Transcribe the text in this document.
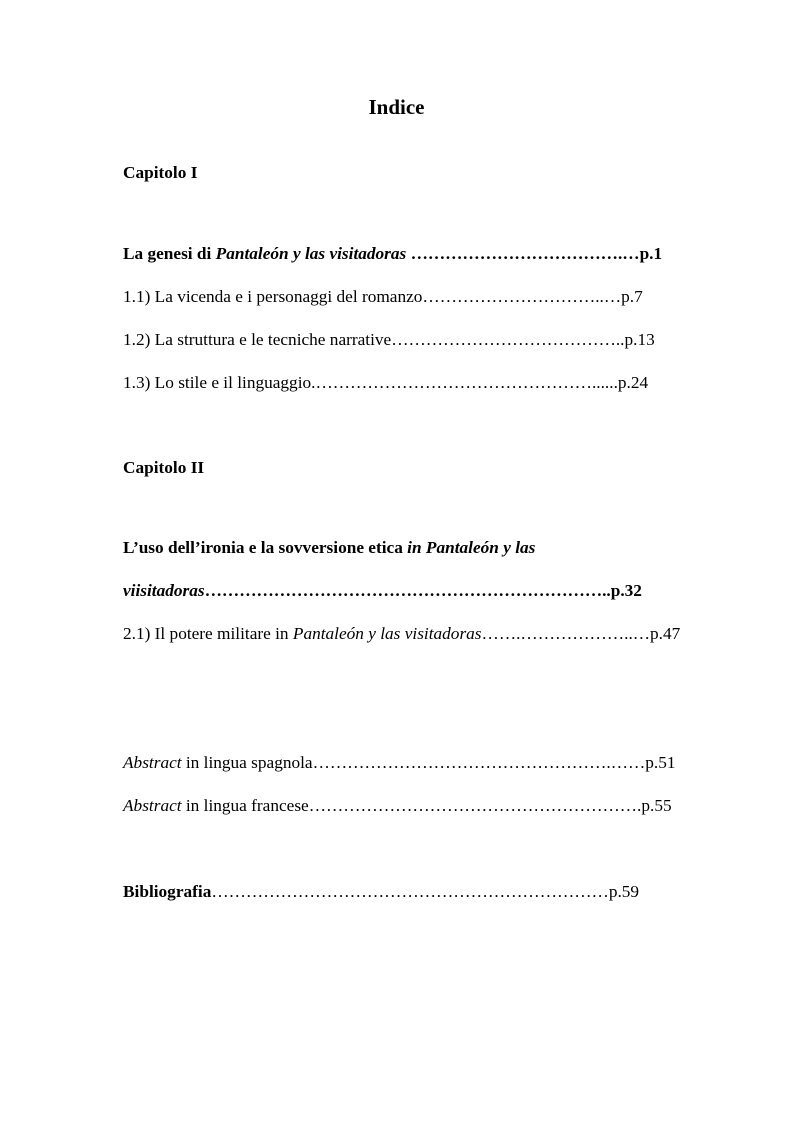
Indice

Capitolo I

La genesi di Pantaleón y las visitadoras ……………………………….…p.1

1.1) La vicenda e i personaggi del romanzo…………………………..…p.7

1.2) La struttura e le tecniche narrative…………………………………..p.13

1.3) Lo stile e il linguaggio.…………………………………………......p.24

Capitolo II

L’uso dell’ironia e la sovversione etica in Pantaleón y las

viisitadoras……………………………………………………………..p.32

2.1) Il potere militare in Pantaleón y las visitadoras…….………………..…p.47

Abstract in lingua spagnola…………………………………………….……p.51

Abstract in lingua francese………………………………………………….p.55

Bibliografia……………………………………………………………p.59
